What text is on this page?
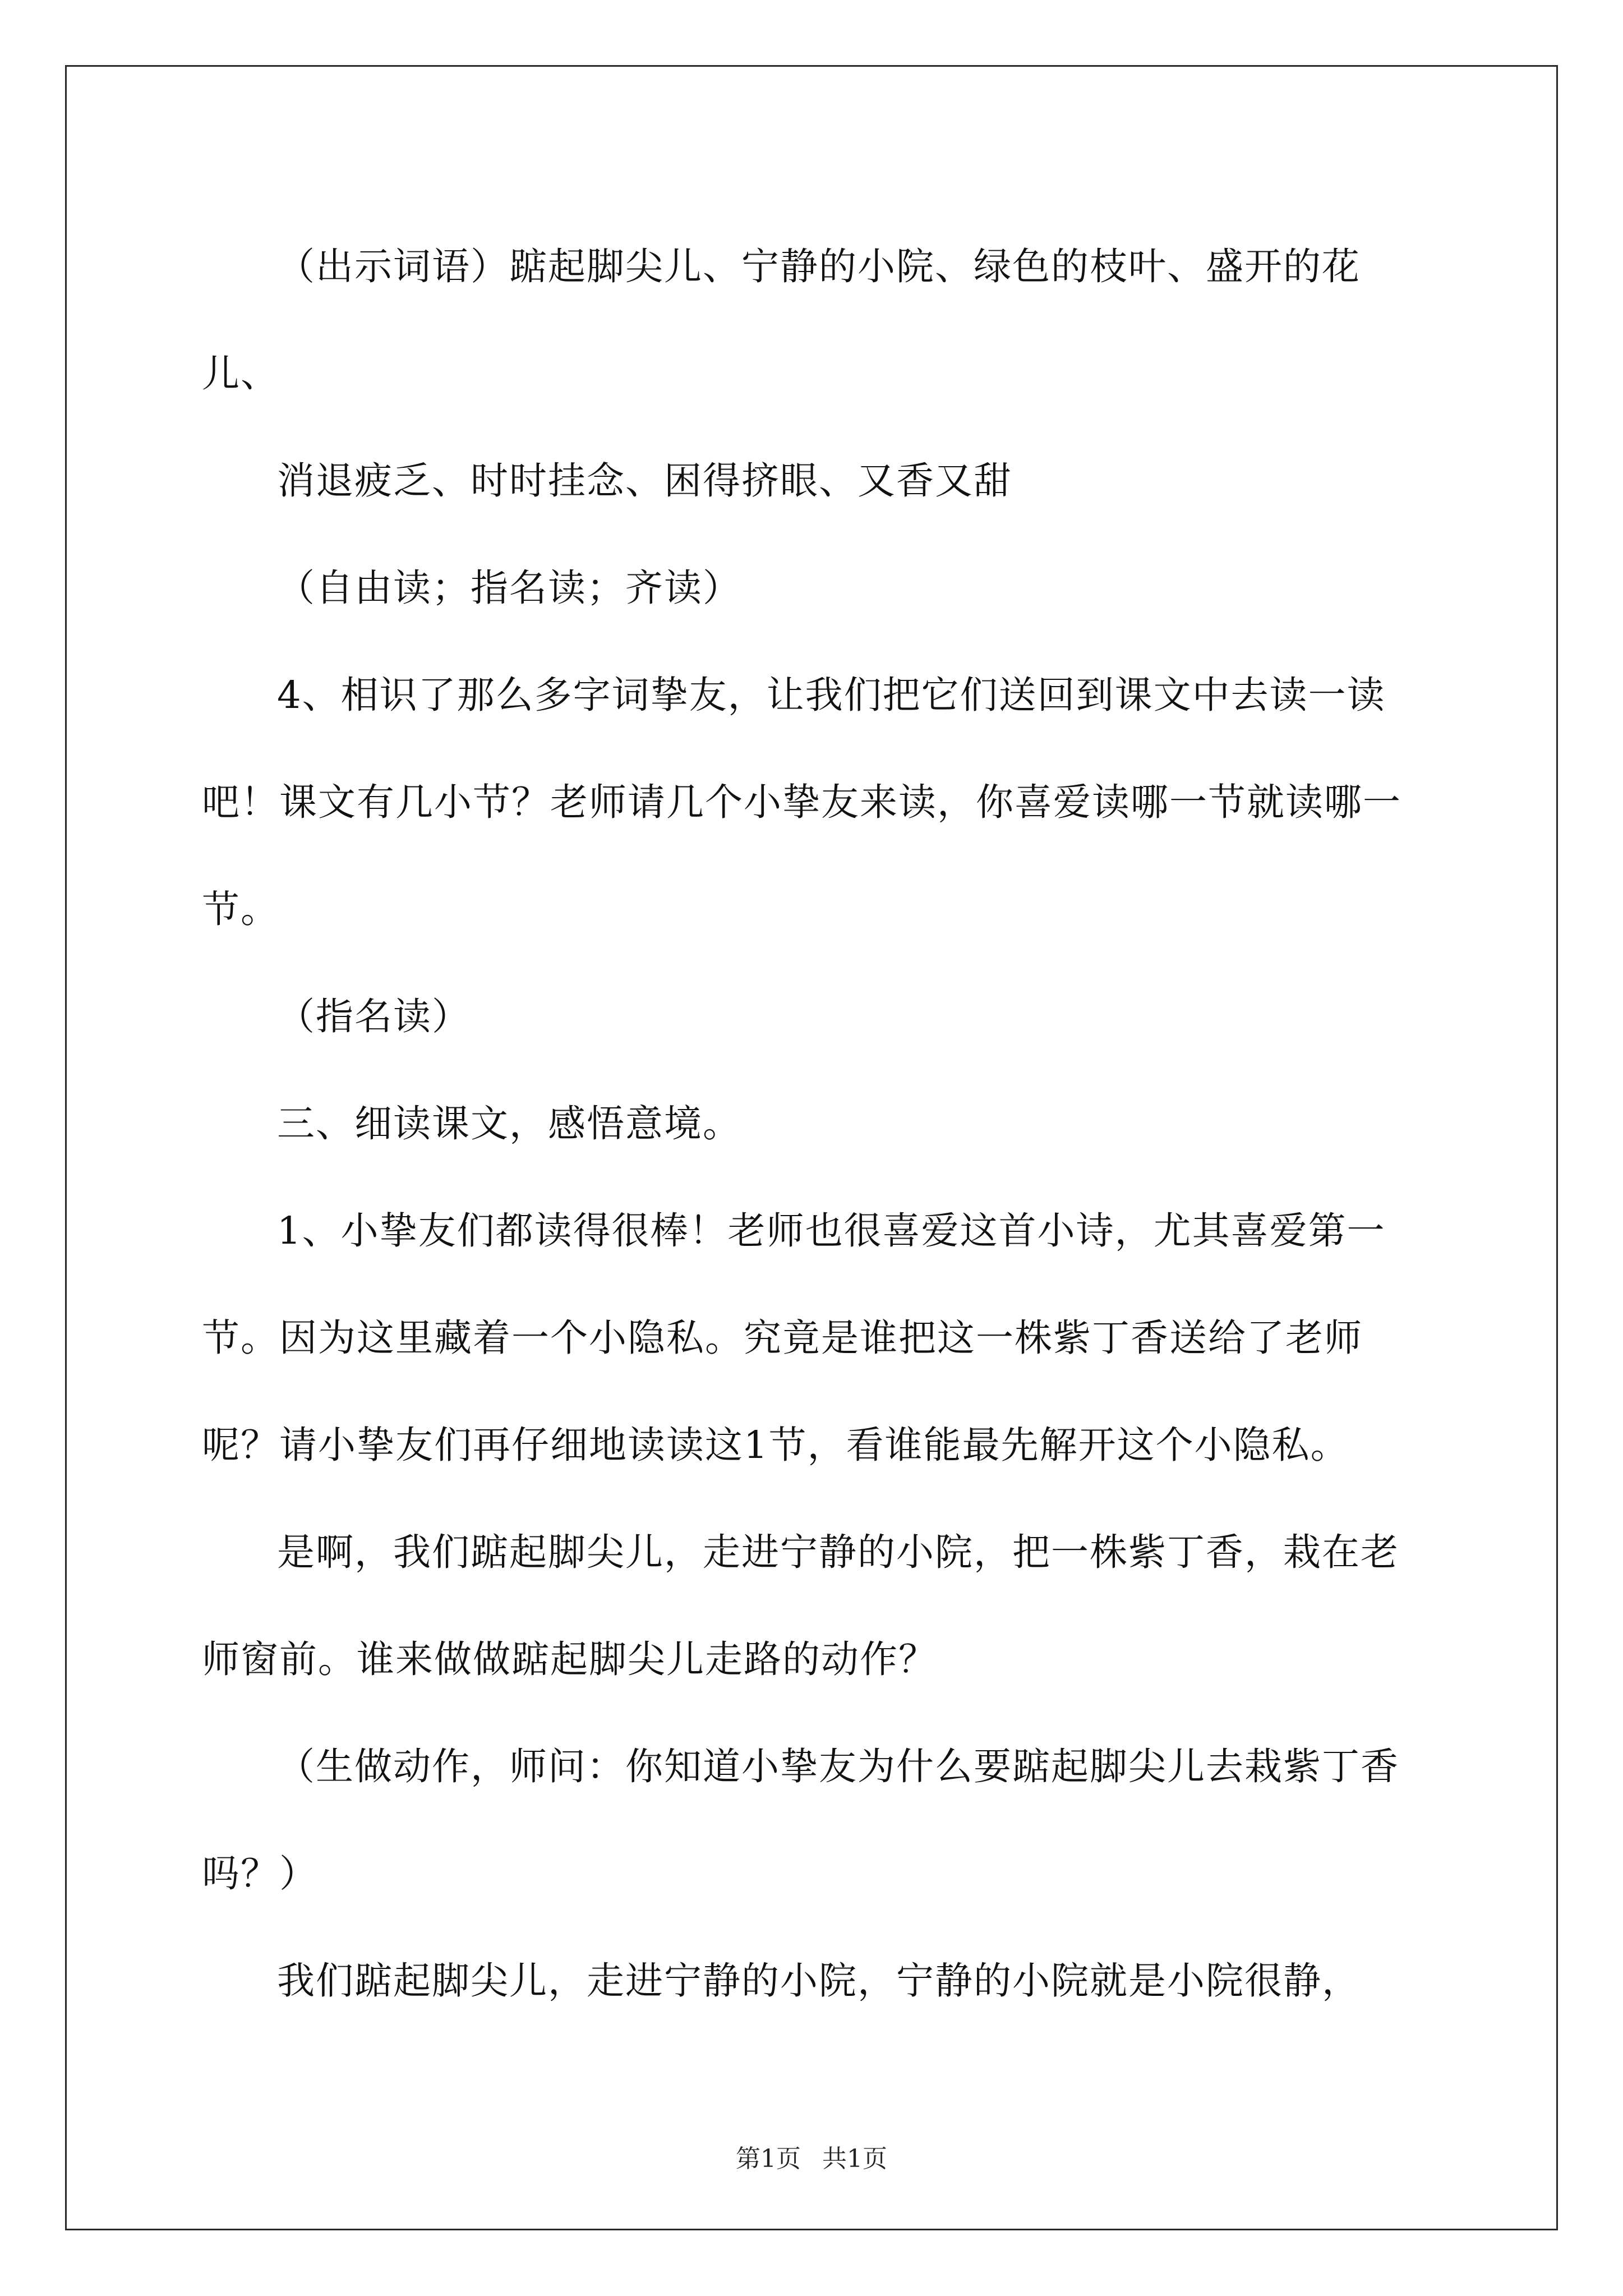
（出示词语）踮起脚尖儿、宁静的小院、绿色的枝叶、盛开的花儿、

消退疲乏、时时挂念、困得挤眼、又香又甜

（自由读；指名读；齐读）

4、相识了那么多字词挚友，让我们把它们送回到课文中去读一读吧！课文有几小节？老师请几个小挚友来读，你喜爱读哪一节就读哪一节。

（指名读）

三、细读课文，感悟意境。

1、小挚友们都读得很棒！老师也很喜爱这首小诗，尤其喜爱第一节。因为这里藏着一个小隐私。究竟是谁把这一株紫丁香送给了老师呢？请小挚友们再仔细地读读这1节，看谁能最先解开这个小隐私。

是啊，我们踮起脚尖儿，走进宁静的小院，把一株紫丁香，栽在老师窗前。谁来做做踮起脚尖儿走路的动作？

（生做动作，师问：你知道小挚友为什么要踮起脚尖儿去栽紫丁香吗？）

我们踮起脚尖儿，走进宁静的小院，宁静的小院就是小院很静，

第1页 共1页
